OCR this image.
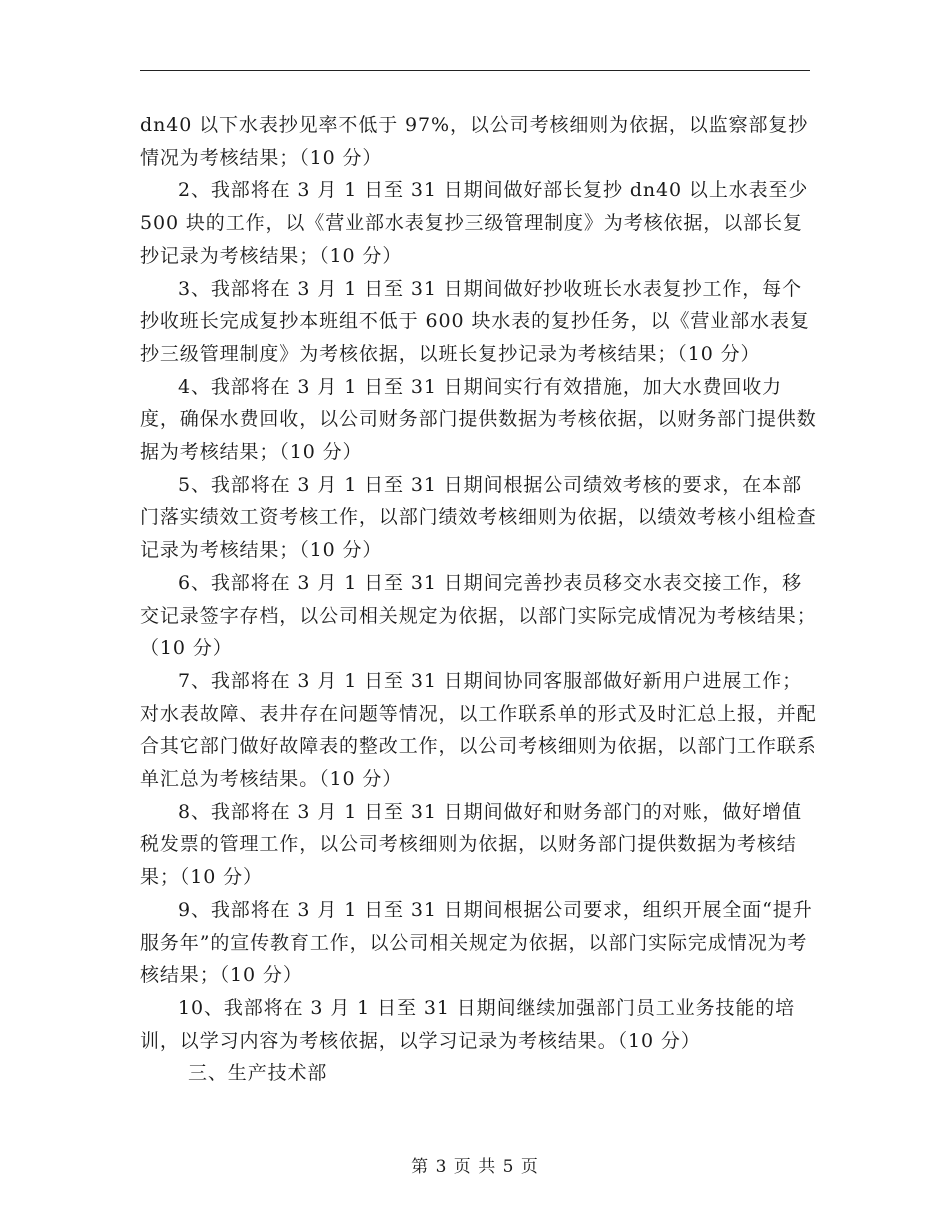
dn40 以下水表抄见率不低于 97%，以公司考核细则为依据，以监察部复抄情况为考核结果；（10 分）

2、我部将在 3 月 1 日至 31 日期间做好部长复抄 dn40 以上水表至少 500 块的工作，以《营业部水表复抄三级管理制度》为考核依据，以部长复抄记录为考核结果；（10 分）

3、我部将在 3 月 1 日至 31 日期间做好抄收班长水表复抄工作，每个抄收班长完成复抄本班组不低于 600 块水表的复抄任务，以《营业部水表复抄三级管理制度》为考核依据，以班长复抄记录为考核结果；（10 分）

4、我部将在 3 月 1 日至 31 日期间实行有效措施，加大水费回收力度，确保水费回收，以公司财务部门提供数据为考核依据，以财务部门提供数据为考核结果；（10 分）

5、我部将在 3 月 1 日至 31 日期间根据公司绩效考核的要求，在本部门落实绩效工资考核工作，以部门绩效考核细则为依据，以绩效考核小组检查记录为考核结果；（10 分）

6、我部将在 3 月 1 日至 31 日期间完善抄表员移交水表交接工作，移交记录签字存档，以公司相关规定为依据，以部门实际完成情况为考核结果；（10 分）

7、我部将在 3 月 1 日至 31 日期间协同客服部做好新用户进展工作；对水表故障、表井存在问题等情况，以工作联系单的形式及时汇总上报，并配合其它部门做好故障表的整改工作，以公司考核细则为依据，以部门工作联系单汇总为考核结果。（10 分）

8、我部将在 3 月 1 日至 31 日期间做好和财务部门的对账，做好增值税发票的管理工作，以公司考核细则为依据，以财务部门提供数据为考核结果；（10 分）

9、我部将在 3 月 1 日至 31 日期间根据公司要求，组织开展全面“提升服务年”的宣传教育工作，以公司相关规定为依据，以部门实际完成情况为考核结果；（10 分）

10、我部将在 3 月 1 日至 31 日期间继续加强部门员工业务技能的培训，以学习内容为考核依据，以学习记录为考核结果。（10 分）

三、生产技术部

第 3 页 共 5 页
